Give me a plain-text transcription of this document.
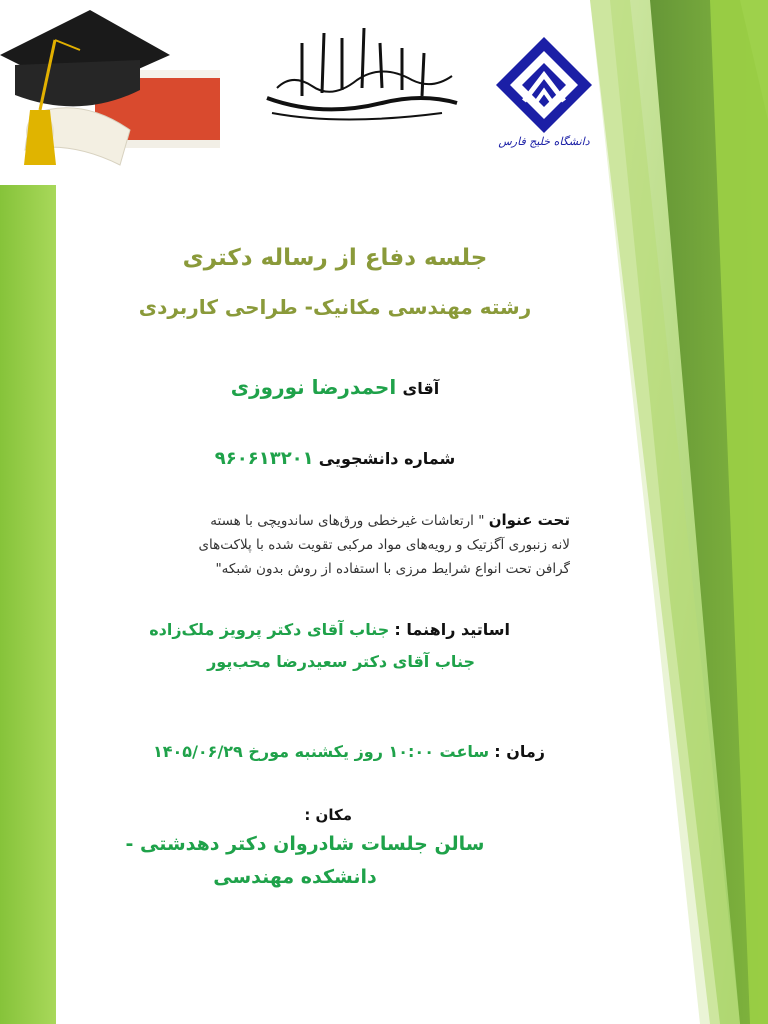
دانشگاه خلیج فارس
جلسه دفاع از رساله دکتری
رشته مهندسی مکانیک- طراحی کاربردی
آقای احمدرضا نوروزی
شماره دانشجویی ۹۶۰۶۱۳۲۰۱
تحت عنوان " ارتعاشات غیرخطی ورق‌های ساندویچی با هسته
لانه زنبوری آگزتیک و رویه‌های مواد مرکبی تقویت شده با پلاکت‌های
گرافن تحت انواع شرایط مرزی با استفاده از روش بدون شبکه"
اساتید راهنما : جناب آقای دکتر پرویز ملک‌زاده
جناب آقای دکتر سعیدرضا محب‌پور
زمان : ساعت ۱۰:۰۰ روز یکشنبه مورخ ۱۴۰۵/۰۶/۲۹
مکان :
سالن جلسات شادروان دکتر دهدشتی -
دانشکده مهندسی
